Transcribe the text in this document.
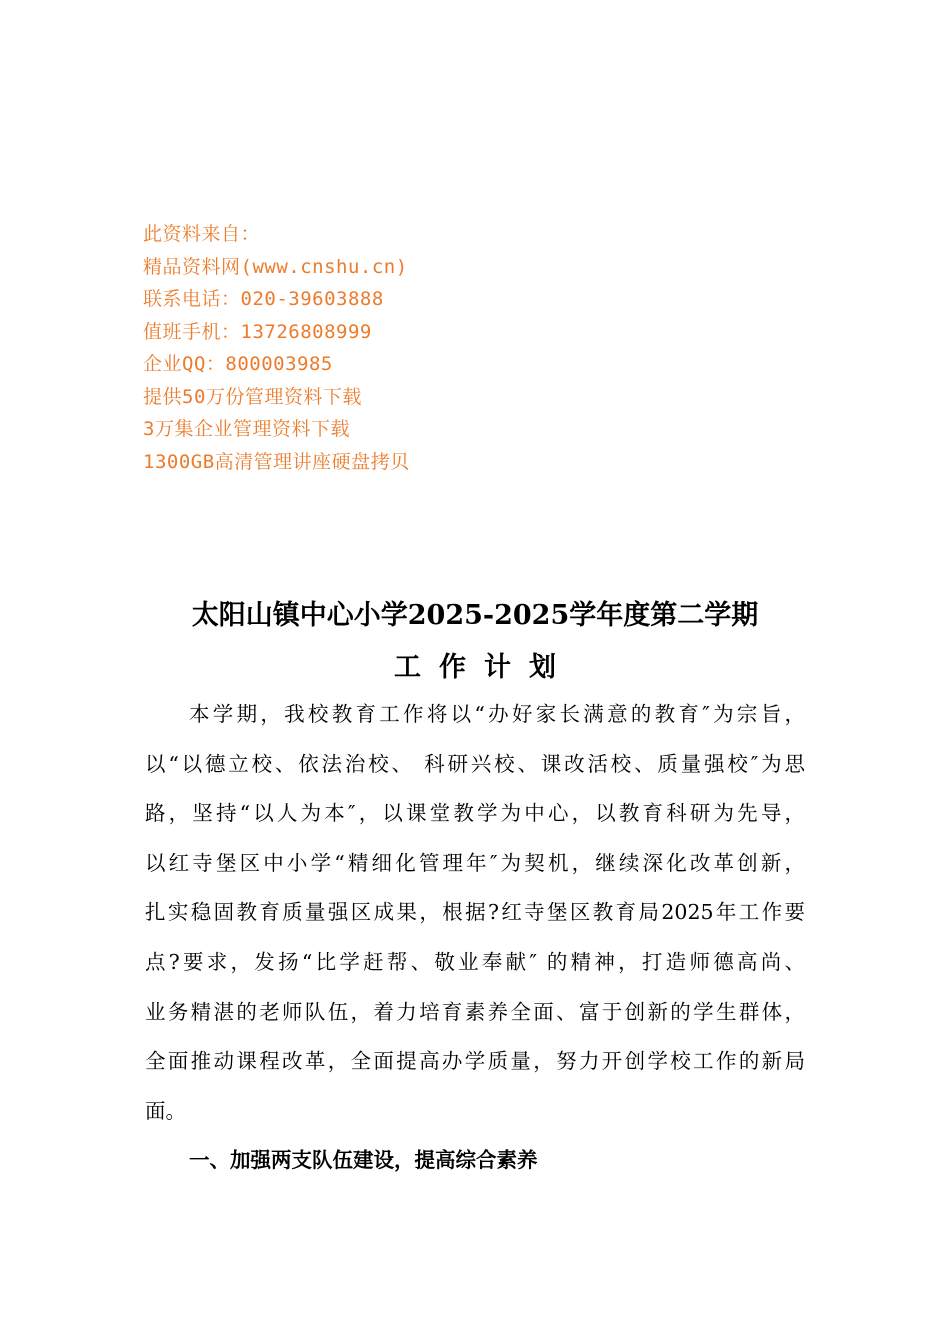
此资料来自：
精品资料网(www.cnshu.cn)
联系电话：020-39603888
值班手机：13726808999
企业QQ：800003985
提供50万份管理资料下载
3万集企业管理资料下载
1300GB高清管理讲座硬盘拷贝
太阳山镇中心小学2025-2025学年度第二学期
工作计划
本学期，我校教育工作将以“办好家长满意的教育″为宗旨，
以“以德立校、依法治校、 科研兴校、课改活校、质量强校″为思
路，坚持“以人为本″，以课堂教学为中心，以教育科研为先导，
以红寺堡区中小学“精细化管理年″为契机，继续深化改革创新，
扎实稳固教育质量强区成果，根据?红寺堡区教育局2025年工作要
点?要求，发扬“比学赶帮、敬业奉献″ 的精神，打造师德高尚、
业务精湛的老师队伍，着力培育素养全面、富于创新的学生群体，
全面推动课程改革，全面提高办学质量，努力开创学校工作的新局
面。
一、加强两支队伍建设，提高综合素养
